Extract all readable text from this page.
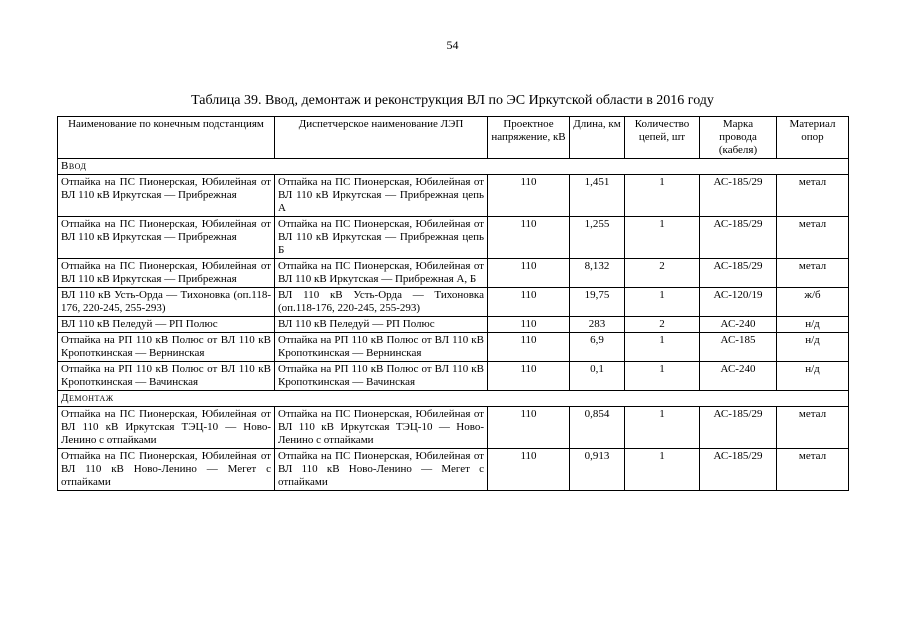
54
Таблица 39. Ввод, демонтаж и реконструкция ВЛ по ЭС Иркутской области в 2016 году
Наименование по конечным подстанциям	Диспетчерское наименование ЛЭП	Проектное напряжение, кВ	Длина, км	Количество цепей, шт	Марка провода (кабеля)	Материал опор
Ввод						
Отпайка на ПС Пионерская, Юбилейная от ВЛ 110 кВ Иркутская — Прибрежная	Отпайка на ПС Пионерская, Юбилейная от ВЛ 110 кВ Иркутская — Прибрежная цепь А	110	1,451	1	АС-185/29	метал
Отпайка на ПС Пионерская, Юбилейная от ВЛ 110 кВ Иркутская — Прибрежная	Отпайка на ПС Пионерская, Юбилейная от ВЛ 110 кВ Иркутская — Прибрежная цепь Б	110	1,255	1	АС-185/29	метал
Отпайка на ПС Пионерская, Юбилейная от ВЛ 110 кВ Иркутская — Прибрежная	Отпайка на ПС Пионерская, Юбилейная от ВЛ 110 кВ Иркутская — Прибрежная А, Б	110	8,132	2	АС-185/29	метал
ВЛ 110 кВ Усть-Орда — Тихоновка (оп.118-176, 220-245, 255-293)	ВЛ 110 кВ Усть-Орда — Тихоновка (оп.118-176, 220-245, 255-293)	110	19,75	1	АС-120/19	ж/б
ВЛ 110 кВ Пеледуй — РП Полюс	ВЛ 110 кВ Пеледуй — РП Полюс	110	283	2	АС-240	н/д
Отпайка на РП 110 кВ Полюс от ВЛ 110 кВ Кропоткинская — Вернинская	Отпайка на РП 110 кВ Полюс от ВЛ 110 кВ Кропоткинская — Вернинская	110	6,9	1	АС-185	н/д
Отпайка на РП 110 кВ Полюс от ВЛ 110 кВ Кропоткинская — Вачинская	Отпайка на РП 110 кВ Полюс от ВЛ 110 кВ Кропоткинская — Вачинская	110	0,1	1	АС-240	н/д
Демонтаж						
Отпайка на ПС Пионерская, Юбилейная от ВЛ 110 кВ Иркутская ТЭЦ-10 — Ново-Ленино с отпайками	Отпайка на ПС Пионерская, Юбилейная от ВЛ 110 кВ Иркутская ТЭЦ-10 — Ново-Ленино с отпайками	110	0,854	1	АС-185/29	метал
Отпайка на ПС Пионерская, Юбилейная от ВЛ 110 кВ Ново-Ленино — Мегет с отпайками	Отпайка на ПС Пионерская, Юбилейная от ВЛ 110 кВ Ново-Ленино — Мегет с отпайками	110	0,913	1	АС-185/29	метал
